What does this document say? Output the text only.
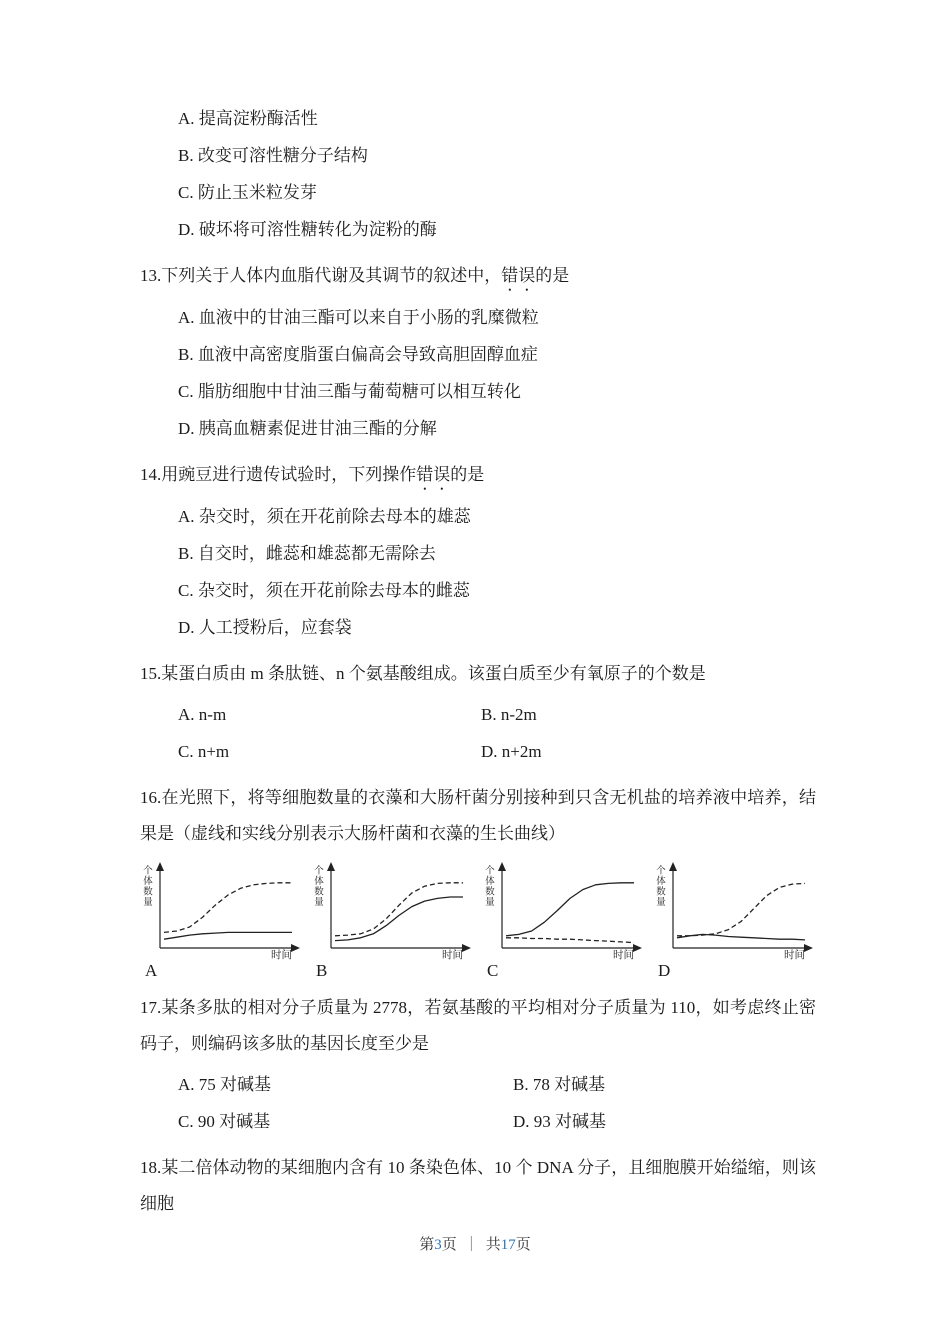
A. 提高淀粉酶活性

B. 改变可溶性糖分子结构

C. 防止玉米粒发芽

D. 破坏将可溶性糖转化为淀粉的酶

13.下列关于人体内血脂代谢及其调节的叙述中，错误的是

A. 血液中的甘油三酯可以来自于小肠的乳糜微粒

B. 血液中高密度脂蛋白偏高会导致高胆固醇血症

C. 脂肪细胞中甘油三酯与葡萄糖可以相互转化

D. 胰高血糖素促进甘油三酯的分解

14.用豌豆进行遗传试验时，下列操作错误的是

A. 杂交时，须在开花前除去母本的雄蕊

B. 自交时，雌蕊和雄蕊都无需除去

C. 杂交时，须在开花前除去母本的雌蕊

D. 人工授粉后，应套袋

15.某蛋白质由 m 条肽链、n 个氨基酸组成。该蛋白质至少有氧原子的个数是

A. n-m	B. n-2m

C. n+m	D. n+2m

16.在光照下，将等细胞数量的衣藻和大肠杆菌分别接种到只含无机盐的培养液中培养，结果是（虚线和实线分别表示大肠杆菌和衣藻的生长曲线）

个体数量
时间
个体数量
时间
个体数量
时间
个体数量
时间
A	B	C	D

17.某条多肽的相对分子质量为 2778，若氨基酸的平均相对分子质量为 110，如考虑终止密码子，则编码该多肽的基因长度至少是

A. 75 对碱基	B. 78 对碱基

C. 90 对碱基	D. 93 对碱基

18.某二倍体动物的某细胞内含有 10 条染色体、10 个 DNA 分子，且细胞膜开始缢缩，则该细胞

第3页 ｜ 共17页
